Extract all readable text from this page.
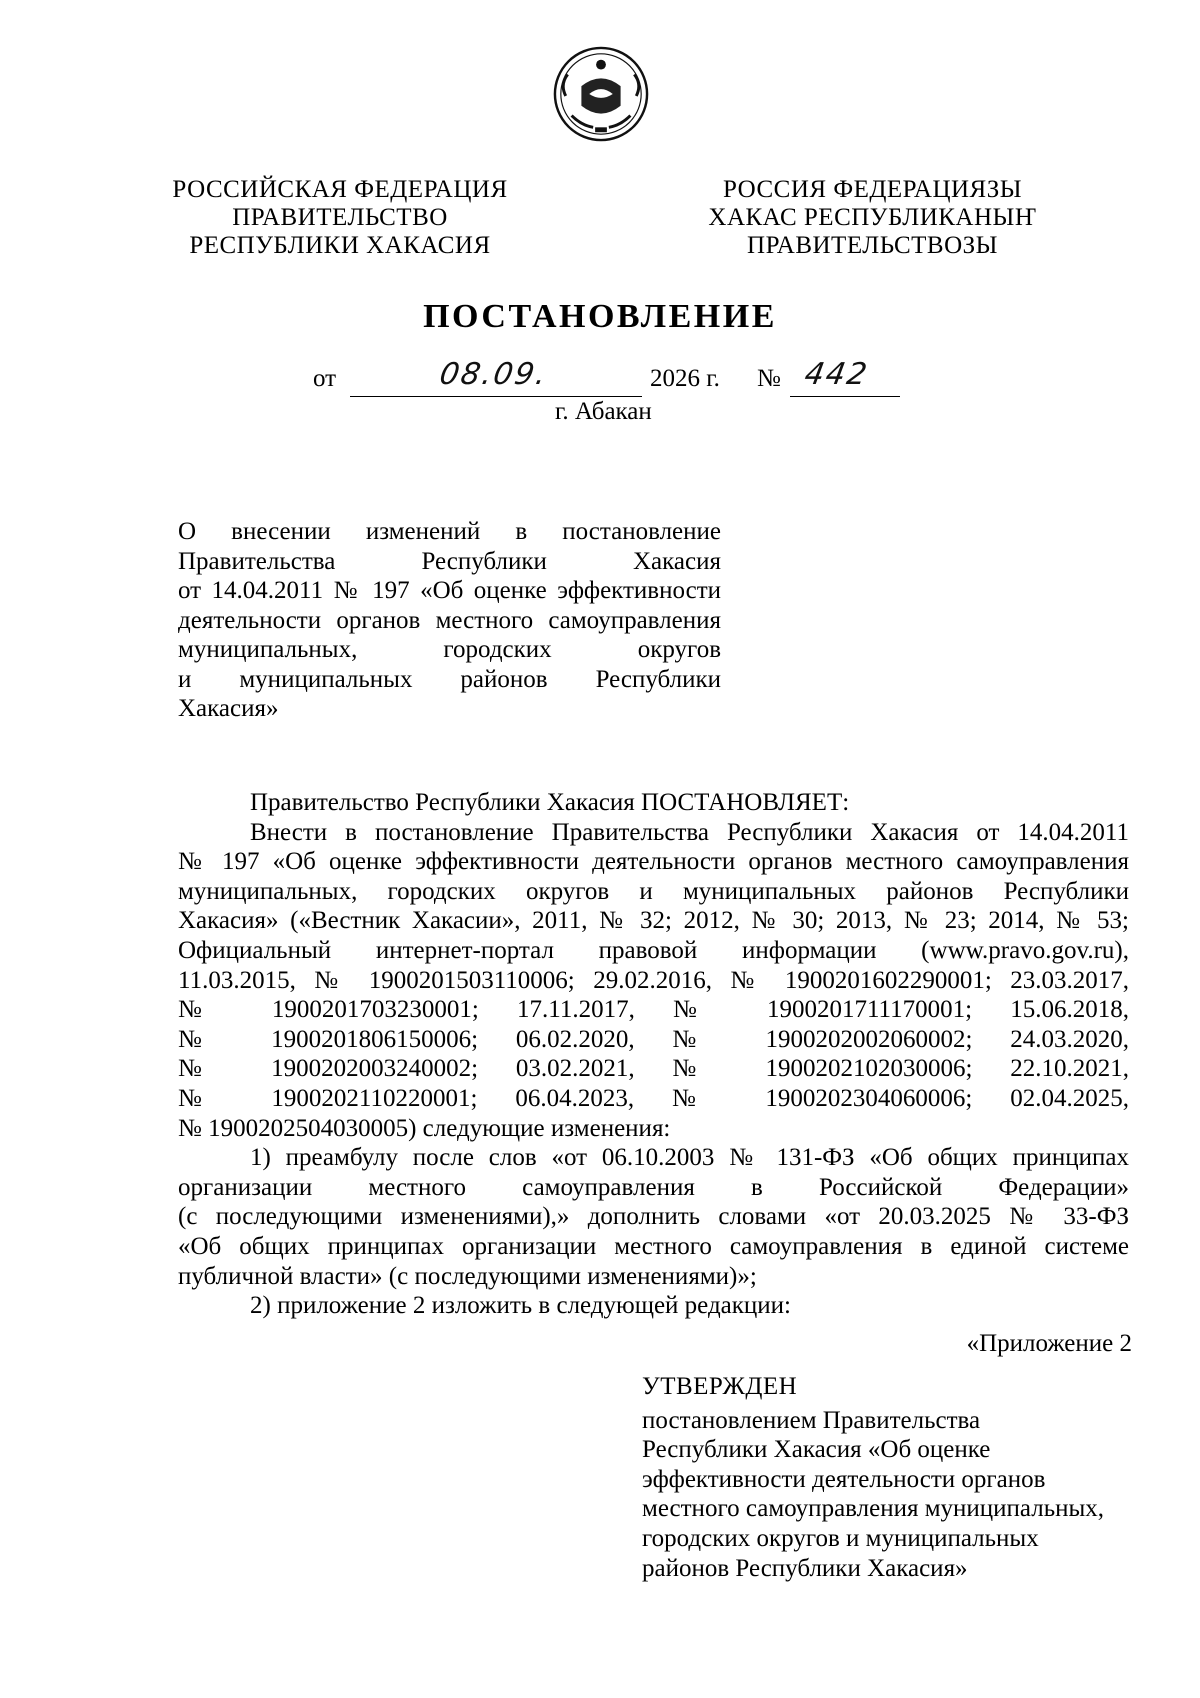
РОССИЙСКАЯ ФЕДЕРАЦИЯ
ПРАВИТЕЛЬСТВО
РЕСПУБЛИКИ ХАКАСИЯ
РОССИЯ ФЕДЕРАЦИЯЗЫ
ХАКАС РЕСПУБЛИКАНЫҤ
ПРАВИТЕЛЬСТВОЗЫ
ПОСТАНОВЛЕНИЕ
от	08.09.	2026 г. № 442
г. Абакан
О внесении изменений в постановление
Правительства Республики Хакасия
от 14.04.2011 № 197 «Об оценке эффективности
деятельности органов местного самоуправления
муниципальных, городских округов
и муниципальных районов Республики
Хакасия»
Правительство Республики Хакасия ПОСТАНОВЛЯЕТ:
Внести в постановление Правительства Республики Хакасия от 14.04.2011
№ 197 «Об оценке эффективности деятельности органов местного самоуправления
муниципальных, городских округов и муниципальных районов Республики
Хакасия» («Вестник Хакасии», 2011, № 32; 2012, № 30; 2013, № 23; 2014, № 53;
Официальный интернет-портал правовой информации (www.pravo.gov.ru),
11.03.2015, № 1900201503110006; 29.02.2016, № 1900201602290001; 23.03.2017,
№ 1900201703230001; 17.11.2017, № 1900201711170001; 15.06.2018,
№ 1900201806150006; 06.02.2020, № 1900202002060002; 24.03.2020,
№ 1900202003240002; 03.02.2021, № 1900202102030006; 22.10.2021,
№ 1900202110220001; 06.04.2023, № 1900202304060006; 02.04.2025,
№ 1900202504030005) следующие изменения:
1) преамбулу после слов «от 06.10.2003 № 131-ФЗ «Об общих принципах
организации местного самоуправления в Российской Федерации»
(с последующими изменениями),» дополнить словами «от 20.03.2025 № 33-ФЗ
«Об общих принципах организации местного самоуправления в единой системе
публичной власти» (с последующими изменениями)»;
2) приложение 2 изложить в следующей редакции:
«Приложение 2
УТВЕРЖДЕН
постановлением Правительства
Республики Хакасия «Об оценке
эффективности деятельности органов
местного самоуправления муниципальных,
городских округов и муниципальных
районов Республики Хакасия»
